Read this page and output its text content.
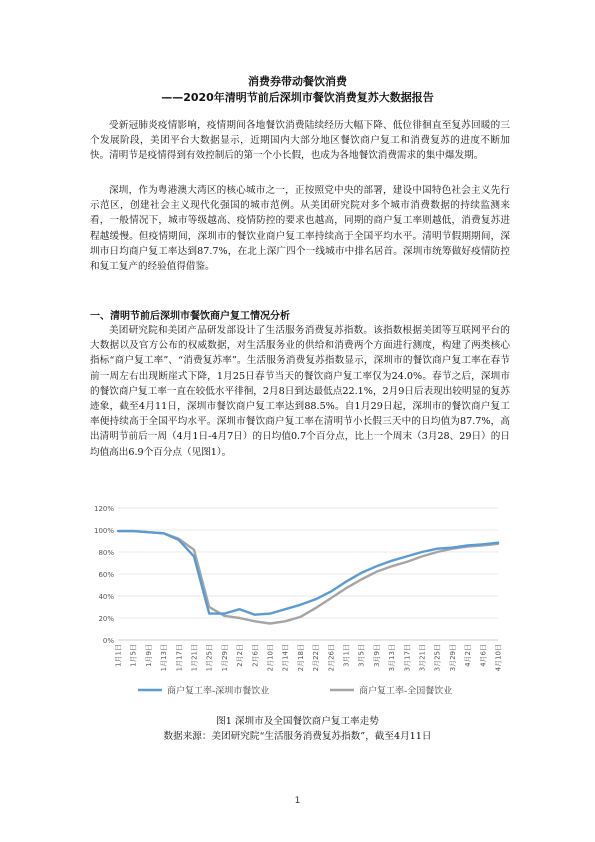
消费券带动餐饮消费
——2020年清明节前后深圳市餐饮消费复苏大数据报告

受新冠肺炎疫情影响，疫情期间各地餐饮消费陆续经历大幅下降、低位徘徊直至复苏回暖的三个发展阶段，美团平台大数据显示，近期国内大部分地区餐饮商户复工和消费复苏的进度不断加快。清明节是疫情得到有效控制后的第一个小长假，也成为各地餐饮消费需求的集中爆发期。

深圳，作为粤港澳大湾区的核心城市之一，正按照党中央的部署，建设中国特色社会主义先行示范区，创建社会主义现代化强国的城市范例。从美团研究院对多个城市消费数据的持续监测来看，一般情况下，城市等级越高、疫情防控的要求也越高，同期的商户复工率则越低，消费复苏进程越缓慢。但疫情期间，深圳市的餐饮业商户复工率持续高于全国平均水平。清明节假期期间，深圳市日均商户复工率达到87.7%，在北上深广四个一线城市中排名居首。深圳市统筹做好疫情防控和复工复产的经验值得借鉴。

一、清明节前后深圳市餐饮商户复工情况分析

美团研究院和美团产品研发部设计了生活服务消费复苏指数。该指数根据美团等互联网平台的大数据以及官方公布的权威数据，对生活服务业的供给和消费两个方面进行测度，构建了两类核心指标“商户复工率”、“消费复苏率”。生活服务消费复苏指数显示，深圳市的餐饮商户复工率在春节前一周左右出现断崖式下降，1月25日春节当天的餐饮商户复工率仅为24.0%。春节之后，深圳市的餐饮商户复工率一直在较低水平徘徊，2月8日到达最低点22.1%，2月9日后表现出较明显的复苏迹象，截至4月11日，深圳市餐饮商户复工率达到88.5%。自1月29日起，深圳市的餐饮商户复工率便持续高于全国平均水平。深圳市餐饮商户复工率在清明节小长假三天中的日均值为87.7%，高出清明节前后一周（4月1日-4月7日）的日均值0.7个百分点，比上一个周末（3月28、29日）的日均值高出6.9个百分点（见图1）。

0%
20%
40%
60%
80%
100%
120%
1月1日 1月5日 1月9日 1月13日 1月17日 1月21日 1月25日 1月29日 2月2日 2月6日 2月10日 2月14日 2月18日 2月22日 2月26日 3月1日 3月5日 3月9日 3月13日 3月17日 3月21日 3月25日 3月29日 4月2日 4月6日 4月10日
商户复工率-深圳市餐饮业	商户复工率-全国餐饮业
图1 深圳市及全国餐饮商户复工率走势
数据来源：美团研究院“生活服务消费复苏指数”，截至4月11日
1
